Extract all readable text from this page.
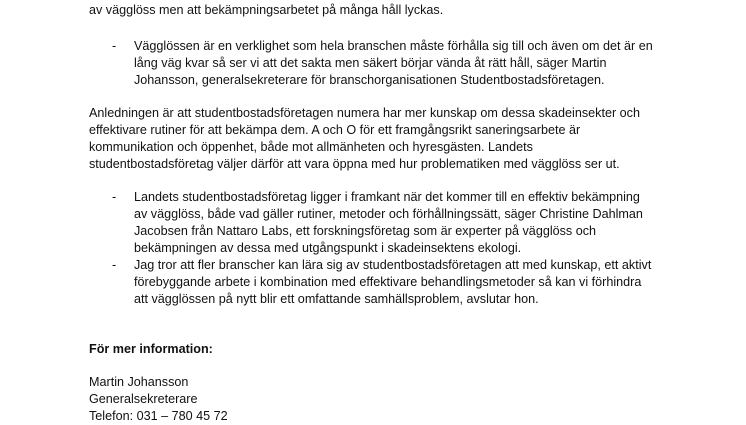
av vägglöss men att bekämpningsarbetet på många håll lyckas.
- Vägglössen är en verklighet som hela branschen måste förhålla sig till och även om det är en
lång väg kvar så ser vi att det sakta men säkert börjar vända åt rätt håll, säger Martin
Johansson, generalsekreterare för branschorganisationen Studentbostadsföretagen.
Anledningen är att studentbostadsföretagen numera har mer kunskap om dessa skadeinsekter och
effektivare rutiner för att bekämpa dem. A och O för ett framgångsrikt saneringsarbete är
kommunikation och öppenhet, både mot allmänheten och hyresgästen. Landets
studentbostadsföretag väljer därför att vara öppna med hur problematiken med vägglöss ser ut.
- Landets studentbostadsföretag ligger i framkant när det kommer till en effektiv bekämpning
av vägglöss, både vad gäller rutiner, metoder och förhållningssätt, säger Christine Dahlman
Jacobsen från Nattaro Labs, ett forskningsföretag som är experter på vägglöss och
bekämpningen av dessa med utgångspunkt i skadeinsektens ekologi.
- Jag tror att fler branscher kan lära sig av studentbostadsföretagen att med kunskap, ett aktivt
förebyggande arbete i kombination med effektivare behandlingsmetoder så kan vi förhindra
att vägglössen på nytt blir ett omfattande samhällsproblem, avslutar hon.
För mer information:
Martin Johansson
Generalsekreterare
Telefon: 031 – 780 45 72
